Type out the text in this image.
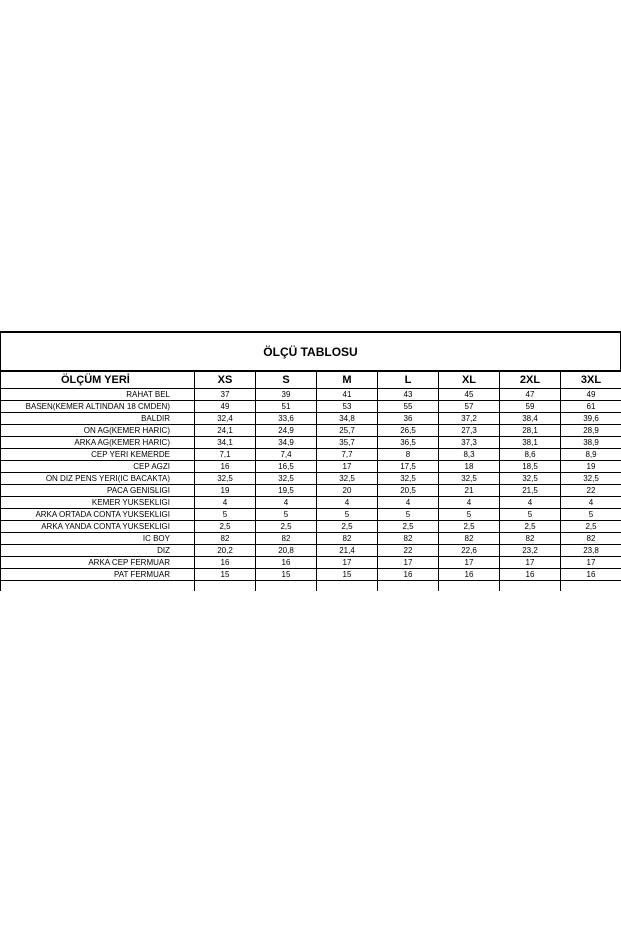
ÖLÇÜ TABLOSU
ÖLÇÜM YERİ	XS	S	M	L	XL	2XL	3XL
RAHAT BEL	37	39	41	43	45	47	49
BASEN(KEMER ALTINDAN 18 CMDEN)	49	51	53	55	57	59	61
BALDIR	32,4	33,6	34,8	36	37,2	38,4	39,6
ON AG(KEMER HARIC)	24,1	24,9	25,7	26,5	27,3	28,1	28,9
ARKA AG(KEMER HARIC)	34,1	34,9	35,7	36,5	37,3	38,1	38,9
CEP YERI KEMERDE	7,1	7,4	7,7	8	8,3	8,6	8,9
CEP AGZI	16	16,5	17	17,5	18	18,5	19
ON DIZ PENS YERI(IC BACAKTA)	32,5	32,5	32,5	32,5	32,5	32,5	32,5
PACA GENISLIGI	19	19,5	20	20,5	21	21,5	22
KEMER YUKSEKLIGI	4	4	4	4	4	4	4
ARKA ORTADA CONTA YUKSEKLIGI	5	5	5	5	5	5	5
ARKA YANDA CONTA YUKSEKLIGI	2,5	2,5	2,5	2,5	2,5	2,5	2,5
IC BOY	82	82	82	82	82	82	82
DIZ	20,2	20,8	21,4	22	22,6	23,2	23,8
ARKA CEP FERMUAR	16	16	17	17	17	17	17
PAT FERMUAR	15	15	15	16	16	16	16
